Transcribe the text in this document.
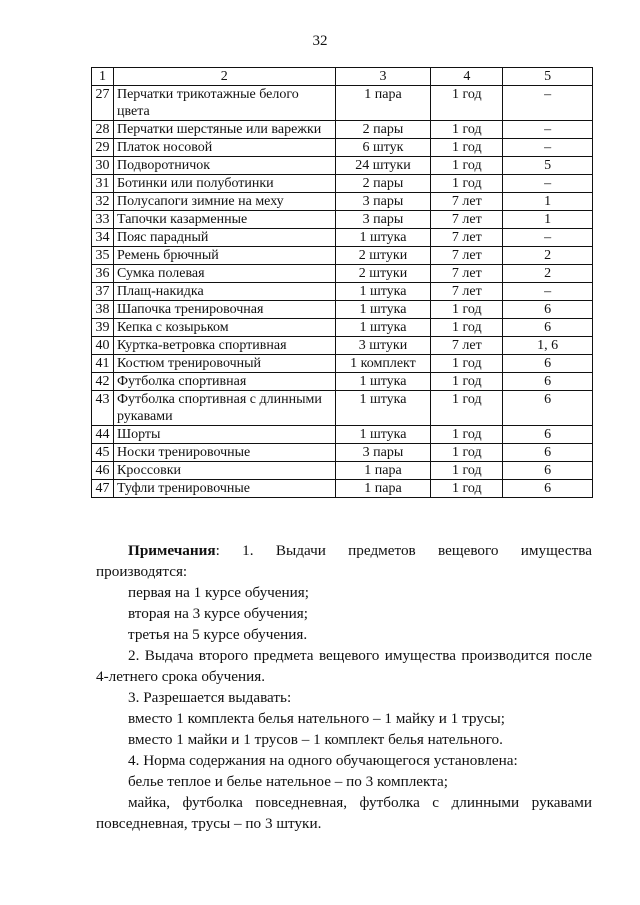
32
1	2	3	4	5
27	Перчатки трикотажные белого цвета	1 пара	1 год	–
28	Перчатки шерстяные или варежки	2 пары	1 год	–
29	Платок носовой	6 штук	1 год	–
30	Подворотничок	24 штуки	1 год	5
31	Ботинки или полуботинки	2 пары	1 год	–
32	Полусапоги зимние на меху	3 пары	7 лет	1
33	Тапочки казарменные	3 пары	7 лет	1
34	Пояс парадный	1 штука	7 лет	–
35	Ремень брючный	2 штуки	7 лет	2
36	Сумка полевая	2 штуки	7 лет	2
37	Плащ-накидка	1 штука	7 лет	–
38	Шапочка тренировочная	1 штука	1 год	6
39	Кепка с козырьком	1 штука	1 год	6
40	Куртка-ветровка спортивная	3 штуки	7 лет	1, 6
41	Костюм тренировочный	1 комплект	1 год	6
42	Футболка спортивная	1 штука	1 год	6
43	Футболка спортивная с длинными рукавами	1 штука	1 год	6
44	Шорты	1 штука	1 год	6
45	Носки тренировочные	3 пары	1 год	6
46	Кроссовки	1 пара	1 год	6
47	Туфли тренировочные	1 пара	1 год	6

Примечания: 1. Выдачи предметов вещевого имущества производятся:

первая на 1 курсе обучения;

вторая на 3 курсе обучения;

третья на 5 курсе обучения.

2. Выдача второго предмета вещевого имущества производится после 4-летнего срока обучения.

3. Разрешается выдавать:

вместо 1 комплекта белья нательного – 1 майку и 1 трусы;

вместо 1 майки и 1 трусов – 1 комплект белья нательного.

4. Норма содержания на одного обучающегося установлена:

белье теплое и белье нательное – по 3 комплекта;

майка, футболка повседневная, футболка с длинными рукавами повседневная, трусы – по 3 штуки.
